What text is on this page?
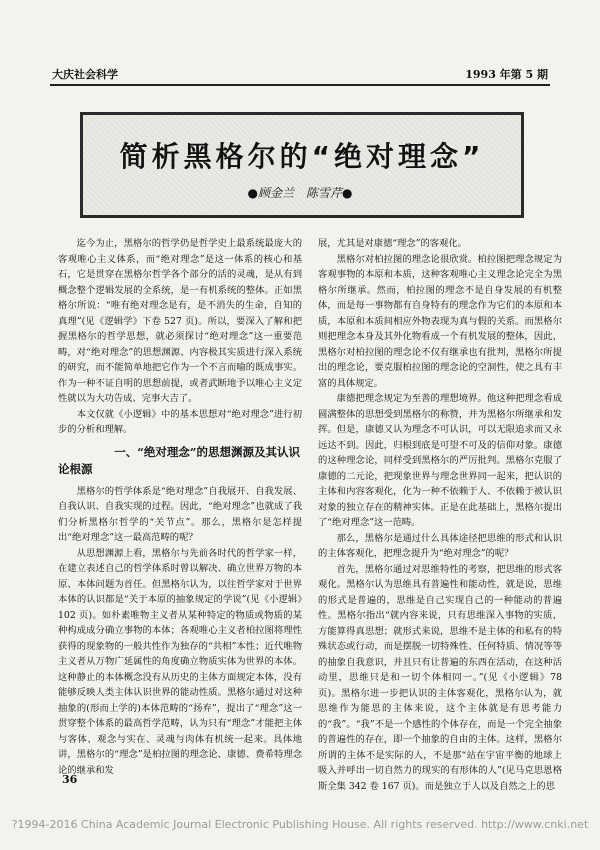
大庆社会科学	1993 年第 5 期
简析黑格尔的“绝对理念”
●顾金兰　陈雪芹●

迄今为止，黑格尔的哲学仍是哲学史上最系统最庞大的客观唯心主义体系，而“绝对理念”是这一体系的核心和基石，它是贯穿在黑格尔哲学各个部分的活的灵魂，是从有到概念整个逻辑发展的全系统，是一有机系统的整体。正如黑格尔所说：“唯有绝对理念是有，是不消失的生命，自知的真理”(见《逻辑学》下卷 527 页)。所以，要深入了解和把握黑格尔的哲学思想，就必须探讨“绝对理念”这一重要范畴，对“绝对理念”的思想渊源、内容极其实质进行深入系统的研究，而不能简单地把它作为一个不言而喻的既成事实。作为一种不证自明的思想前提，或者武断地予以唯心主义定性就以为大功告成、完事大吉了。

本文仅就《小逻辑》中的基本思想对“绝对理念”进行初步的分析和理解。

一、“绝对理念”的思想渊源及其认识
论根源

黑格尔的哲学体系是“绝对理念”自我展开、自我发展、自我认识、自我实现的过程。因此，“绝对理念”也就成了我们分析黑格尔哲学的“关节点”。那么，黑格尔是怎样提出“绝对理念”这一最高范畴的呢？

从思想渊源上看，黑格尔与先前各时代的哲学家一样，在建立表述自己的哲学体系时曾以解决、确立世界万物的本原、本体问题为首任。但黑格尔认为，以往哲学家对于世界本体的认识都是“关于本原的抽象规定的学说”(见《小逻辑》102 页)。如朴素唯物主义者从某种特定的物质或物质的某种构成成分确立事物的本体；各观唯心主义者柏拉图将理性获得的现象物的一般共性作为独存的“共相”本性；近代唯物主义者从万物广延属性的角度确立物质实体为世界的本体。这种静止的本体概念没有从历史的主体方面规定本体，没有能够反映人类主体认识世界的能动性质。黑格尔通过对这种抽象的(形而上学的)本体范畴的“扬弃”，提出了“理念”这一贯穿整个体系的最高哲学范畴，认为只有“理念”才能把主体与客体、观念与实在、灵魂与肉体有机统一起来。具体地讲，黑格尔的“理念”是柏拉图的理念论、康德、费希特理念论的继承和发

展，尤其是对康德“理念”的客观化。

黑格尔对柏拉图的理念论很欣赏。柏拉图把理念规定为客观事物的本原和本质，这种客观唯心主义理念论完全为黑格尔所继承。然而，柏拉图的理念不是自身发展的有机整体，而是每一事物都有自身特有的理念作为它们的本原和本质，本原和本质间相应外物表现为真与假的关系。而黑格尔则把理念本身及其外化物看成一个有机发展的整体，因此，黑格尔对柏拉图的理念论不仅有继承也有批判，黑格尔所提出的理念论，要克服柏拉图的理念论的空洞性，使之具有丰富的具体规定。

康德把理念规定为至善的理想境界。他这种把理念看成圆满整体的思想受到黑格尔的称赞，并为黑格尔所继承和发挥。但是，康德又认为理念不可认识，可以无限追求而又永远达不到。因此，归根到底是可望不可及的信仰对象。康德的这种理念论，同样受到黑格尔的严厉批判。黑格尔克服了康德的二元论，把现象世界与理念世界同一起来，把认识的主体和内容客观化，化为一种不依赖于人、不依赖于被认识对象的独立存在的精神实体。正是在此基础上，黑格尔提出了“绝对理念”这一范畴。

那么，黑格尔是通过什么具体途径把思维的形式和认识的主体客观化，把理念提升为“绝对理念”的呢？

首先，黑格尔通过对思维特性的考察，把思维的形式客观化。黑格尔认为思维具有普遍性和能动性，就是说，思维的形式是普遍的，思维是自己实现自己的一种能动的普遍性。黑格尔指出“就内容来说，只有思维深入事物的实质，方能算得真思想；就形式来说，思维不是主体的和私有的特殊状态或行动，而是摆脱一切特殊性、任何特质、情况等等的抽象自我意识，并且只有让普遍的东西在活动，在这种活动里，思维只是和一切个体相同一。”(见《小逻辑》78 页)。黑格尔进一步把认识的主体客观化，黑格尔认为，就思维作为能思的主体来说，这个主体就是有思考能力的“我”。“我”不是一个感性的个体存在，而是一个完全抽象的普遍性的存在，即一个抽象的自由的主体。这样，黑格尔所谓的主体不是实际的人，不是那“站在宇宙平衡的地球上吸入并呼出一切自然力的现实的有形体的人”(见马克思恩格斯全集 342 卷 167 页)。而是独立于人以及自然之上的思

36
?1994-2016 China Academic Journal Electronic Publishing House. All rights reserved. http://www.cnki.net
